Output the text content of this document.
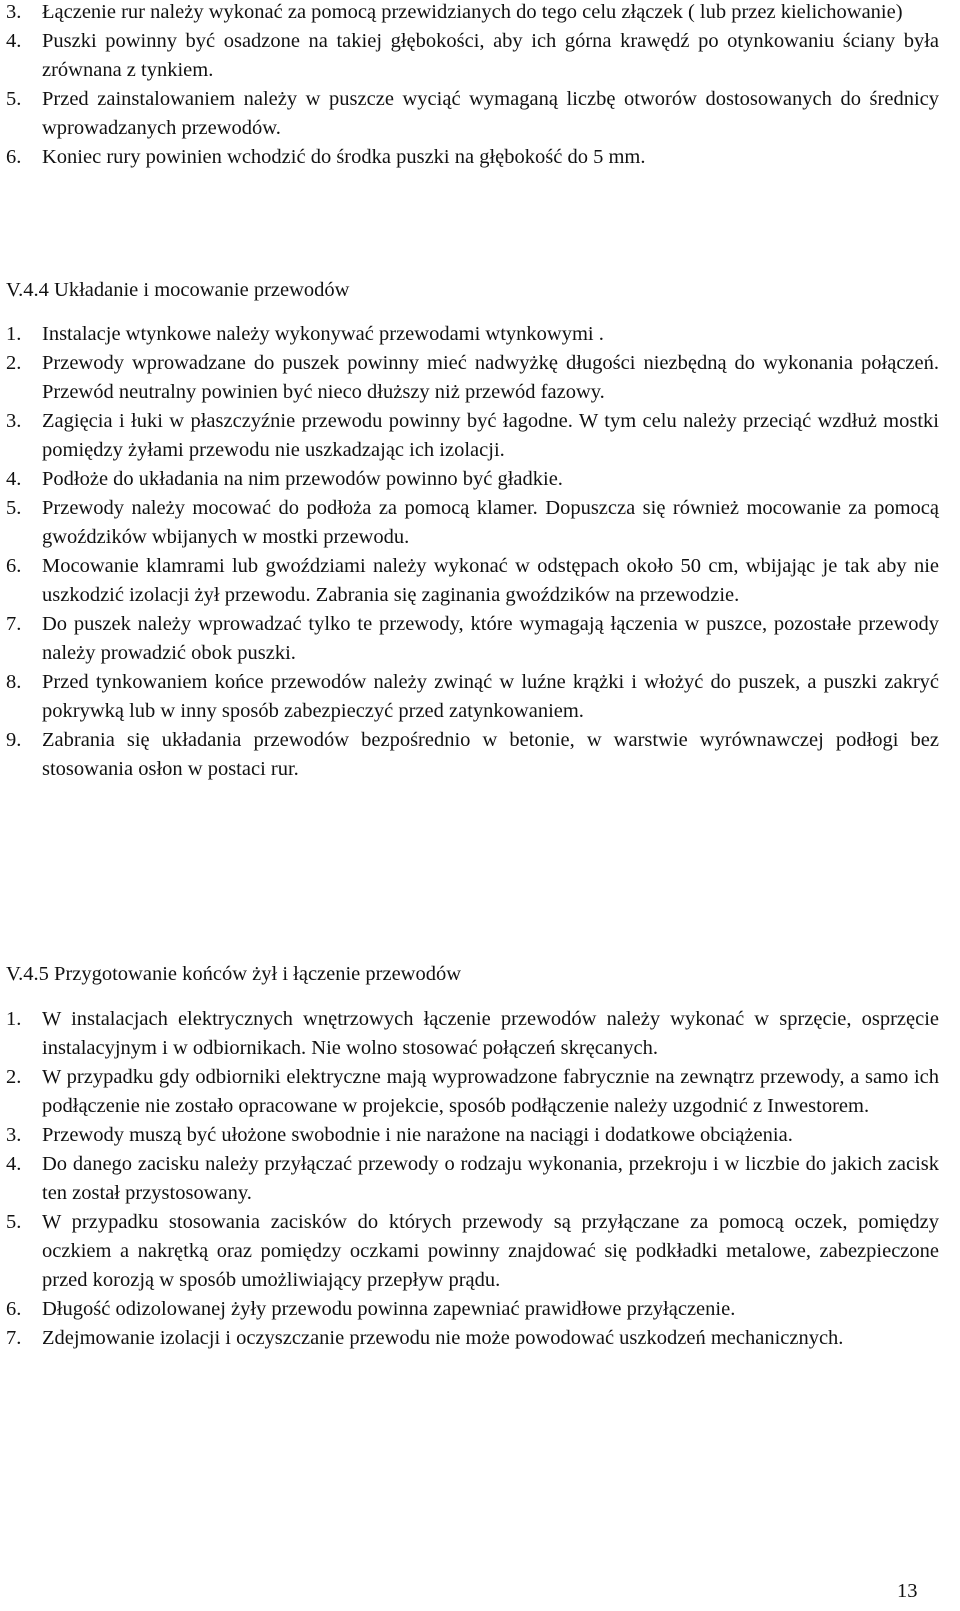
3. Łączenie rur należy wykonać za pomocą przewidzianych do tego celu złączek ( lub przez kielichowanie)
4. Puszki powinny być osadzone na takiej głębokości, aby ich górna krawędź po otynkowaniu ściany była zrównana z tynkiem.
5. Przed zainstalowaniem należy w puszcze wyciąć wymaganą liczbę otworów dostosowanych do średnicy wprowadzanych przewodów.
6. Koniec rury powinien wchodzić do środka puszki na głębokość do 5 mm.
V.4.4 Układanie i mocowanie przewodów
1. Instalacje wtynkowe należy wykonywać przewodami wtynkowymi .
2. Przewody wprowadzane do puszek powinny mieć nadwyżkę długości niezbędną do wykonania połączeń. Przewód neutralny powinien być nieco dłuższy niż przewód fazowy.
3. Zagięcia i łuki w płaszczyźnie przewodu powinny być łagodne. W tym celu należy przeciąć wzdłuż mostki pomiędzy żyłami przewodu nie uszkadzając ich izolacji.
4. Podłoże do układania na nim przewodów powinno być gładkie.
5. Przewody należy mocować do podłoża za pomocą klamer. Dopuszcza się również mocowanie za pomocą gwoździków wbijanych w mostki przewodu.
6. Mocowanie klamrami lub gwoździami należy wykonać w odstępach około 50 cm, wbijając je tak aby nie uszkodzić izolacji żył przewodu. Zabrania się zaginania gwoździków na przewodzie.
7. Do puszek należy wprowadzać tylko te przewody, które wymagają łączenia w puszce, pozostałe przewody należy prowadzić obok puszki.
8. Przed tynkowaniem końce przewodów należy zwinąć w luźne krążki i włożyć do puszek, a puszki zakryć pokrywką lub w inny sposób zabezpieczyć przed zatynkowaniem.
9. Zabrania się układania przewodów bezpośrednio w betonie, w warstwie wyrównawczej podłogi bez stosowania osłon w postaci rur.
V.4.5 Przygotowanie końców żył i łączenie przewodów
1. W instalacjach elektrycznych wnętrzowych łączenie przewodów należy wykonać w sprzęcie, osprzęcie instalacyjnym i w odbiornikach. Nie wolno stosować połączeń skręcanych.
2. W przypadku gdy odbiorniki elektryczne mają wyprowadzone fabrycznie na zewnątrz przewody, a samo ich podłączenie nie zostało opracowane w projekcie, sposób podłączenie należy uzgodnić z Inwestorem.
3. Przewody muszą być ułożone swobodnie i nie narażone na naciągi i dodatkowe obciążenia.
4. Do danego zacisku należy przyłączać przewody o rodzaju wykonania, przekroju i w liczbie do jakich zacisk ten został przystosowany.
5. W przypadku stosowania zacisków do których przewody są przyłączane za pomocą oczek, pomiędzy oczkiem a nakrętką oraz pomiędzy oczkami powinny znajdować się podkładki metalowe, zabezpieczone przed korozją w sposób umożliwiający przepływ prądu.
6. Długość odizolowanej żyły przewodu powinna zapewniać prawidłowe przyłączenie.
7. Zdejmowanie izolacji i oczyszczanie przewodu nie może powodować uszkodzeń mechanicznych.
13
